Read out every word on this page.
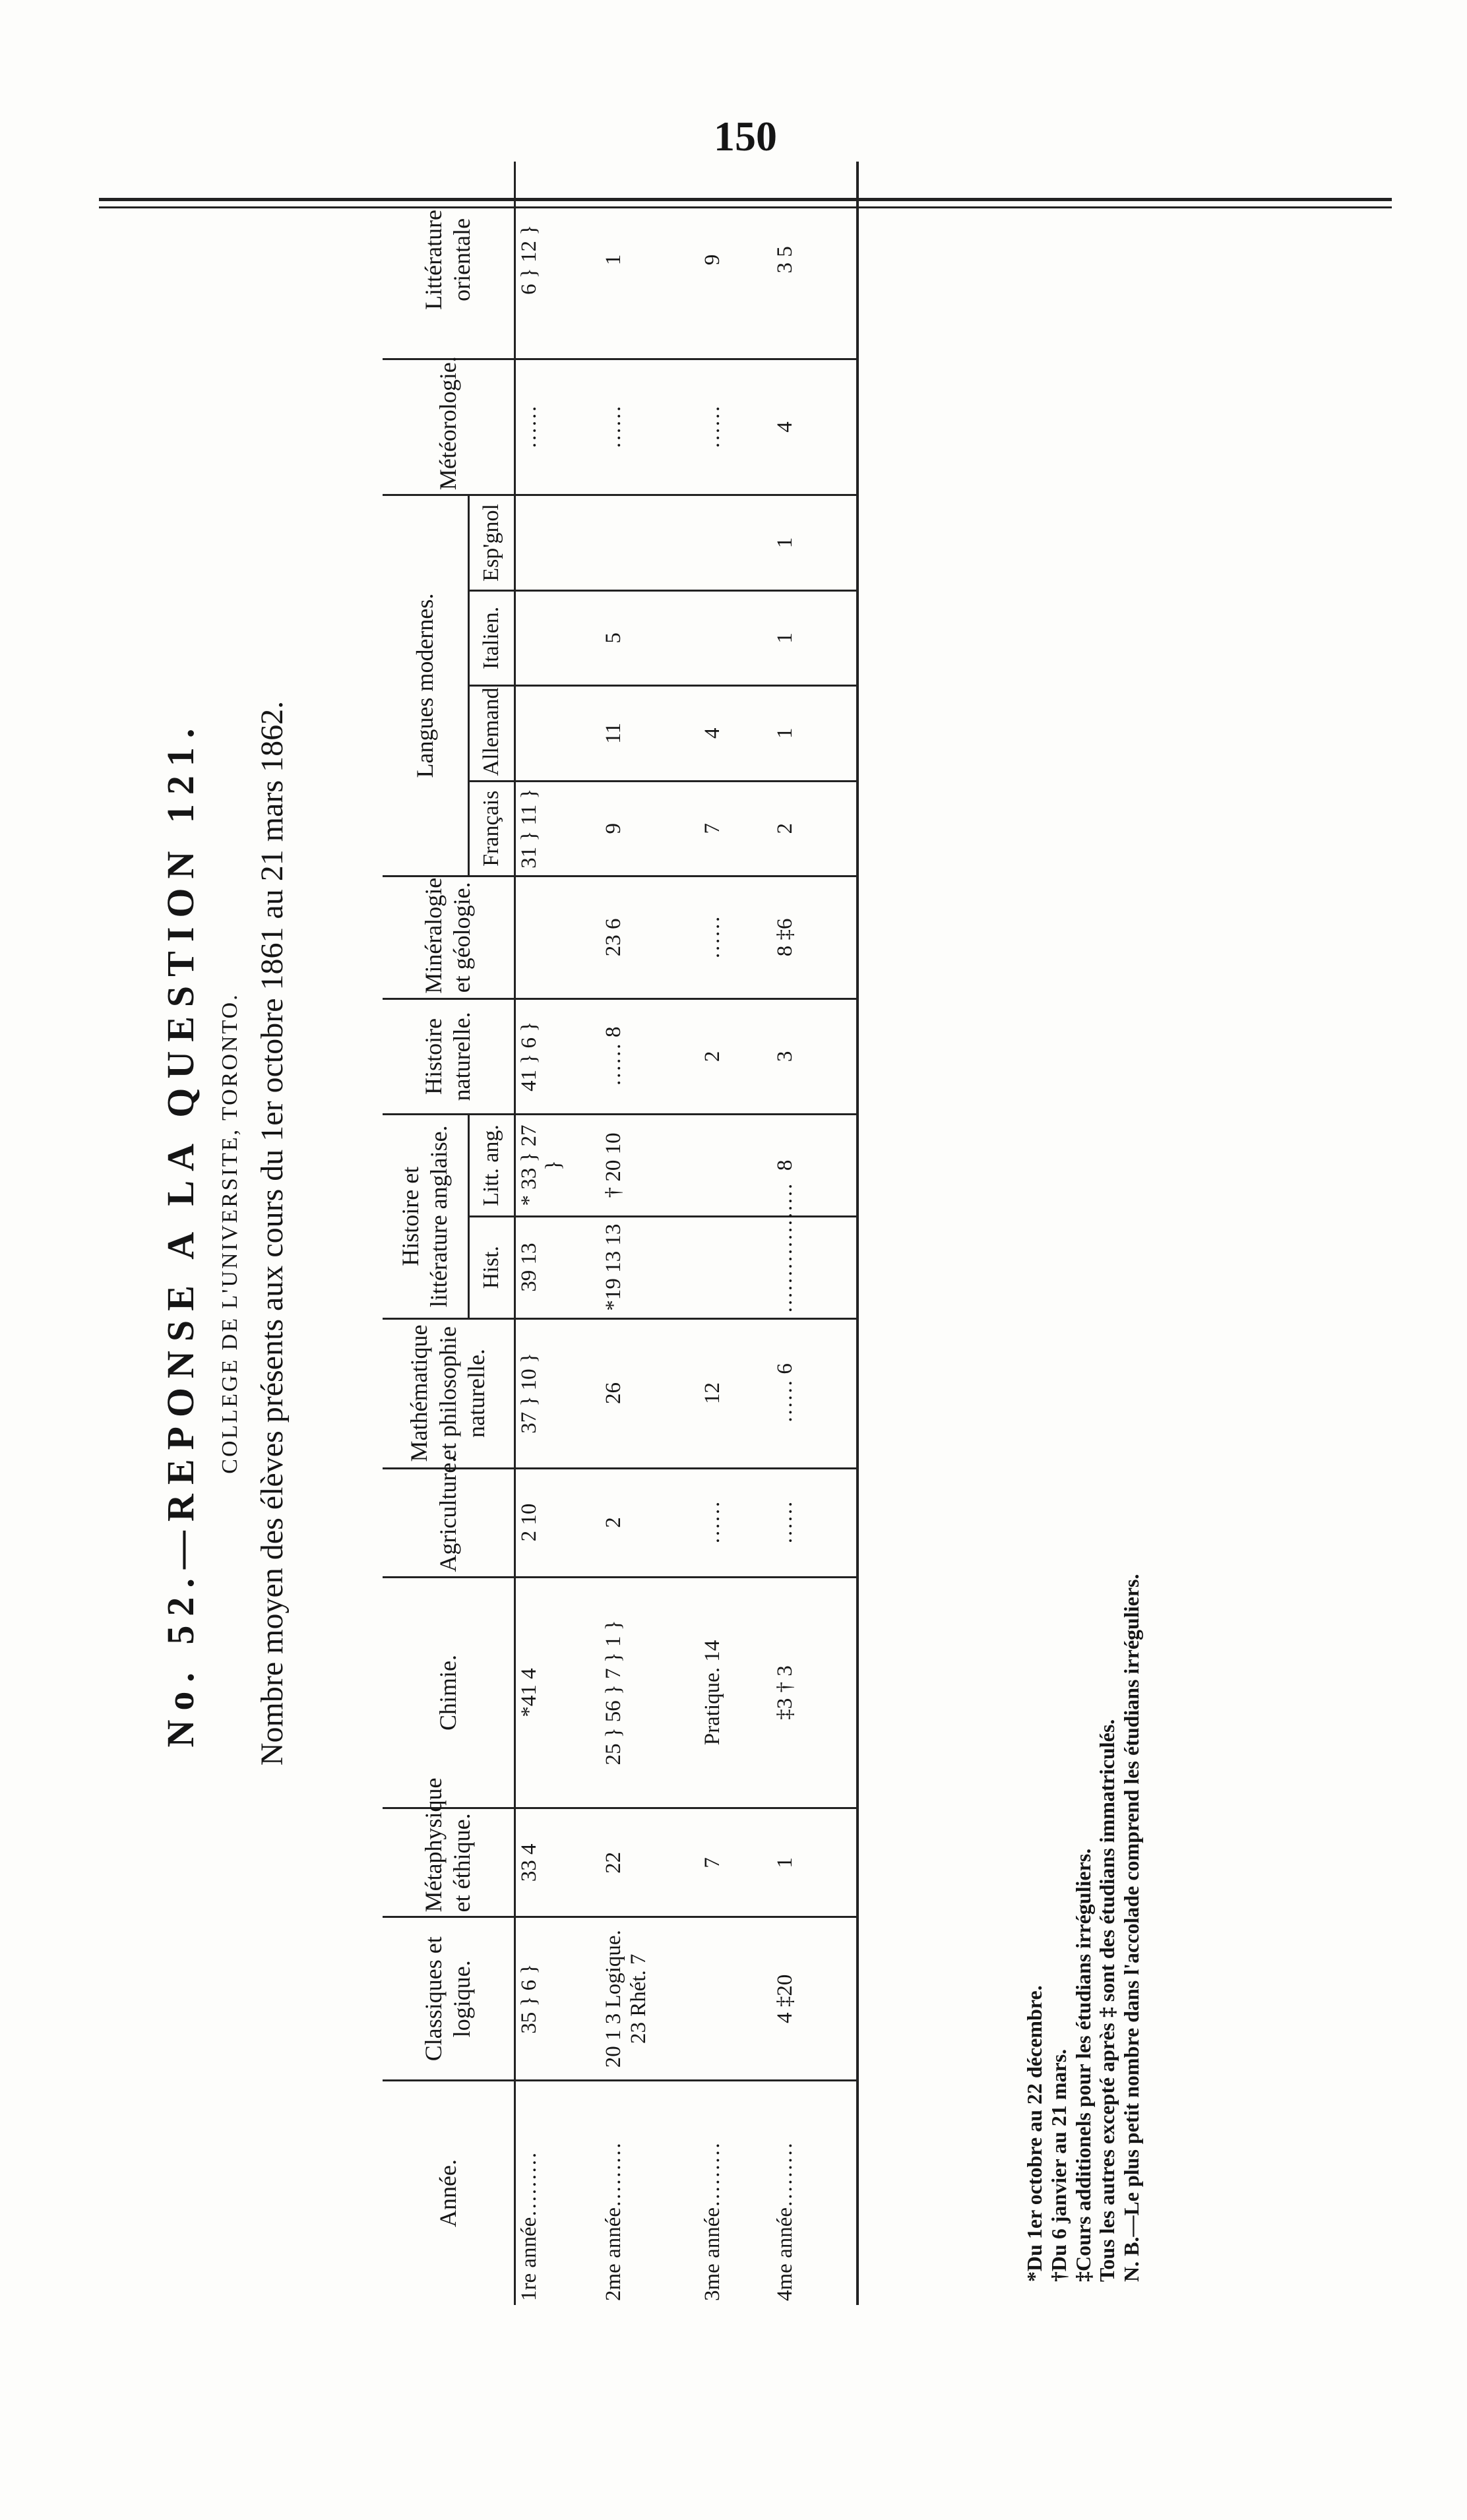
150
No. 52.—REPONSE A LA QUESTION 121. COLLEGE DE L'UNIVERSITE, TORONTO. Nombre moyen des élèves présents aux cours du 1er octobre 1861 au 21 mars 1862.
Année.	Classiques et logique.	Métaphysique et éthique.	Chimie.	Agriculture.	Mathématique et philosophie naturelle.	Histoire et littérature anglaise.		Histoire naturelle.	Minéralogie et géologie.	Langues modernes.				Météorologie.	Littérature orientale
						Hist.	Litt. ang.			Français	Allemand	Italien.	Esp'gnol		
1re année………	35 } 6 }	33 4	*41 4	2 10	37 } 10 }	39 13	* 33 } 27 }	41 } 6 }		31 } 11 }				……	6 } 12 }
2me année………	20 1 3 Logique. 23 Rhét. 7	22	25 } 56 } 7 } 1 }	2	26	*19 13 13	† 20 10	…… 8	23 6	9	11	5		……	1
3me année………		7	Pratique. 14	……	12			2	……	7	4			……	9
4me année………	4 ‡20	1	‡3 † 3	……	…… 6	………………	8	3	8 ‡6	2	1	1	1	4	3 5
*Du 1er octobre au 22 décembre. †Du 6 janvier au 21 mars. ‡Cours additionels pour les étudians irréguliers. Tous les autres excepté après ‡ sont des étudians immatriculés. N. B.—Le plus petit nombre dans l'accolade comprend les étudians irréguliers.
